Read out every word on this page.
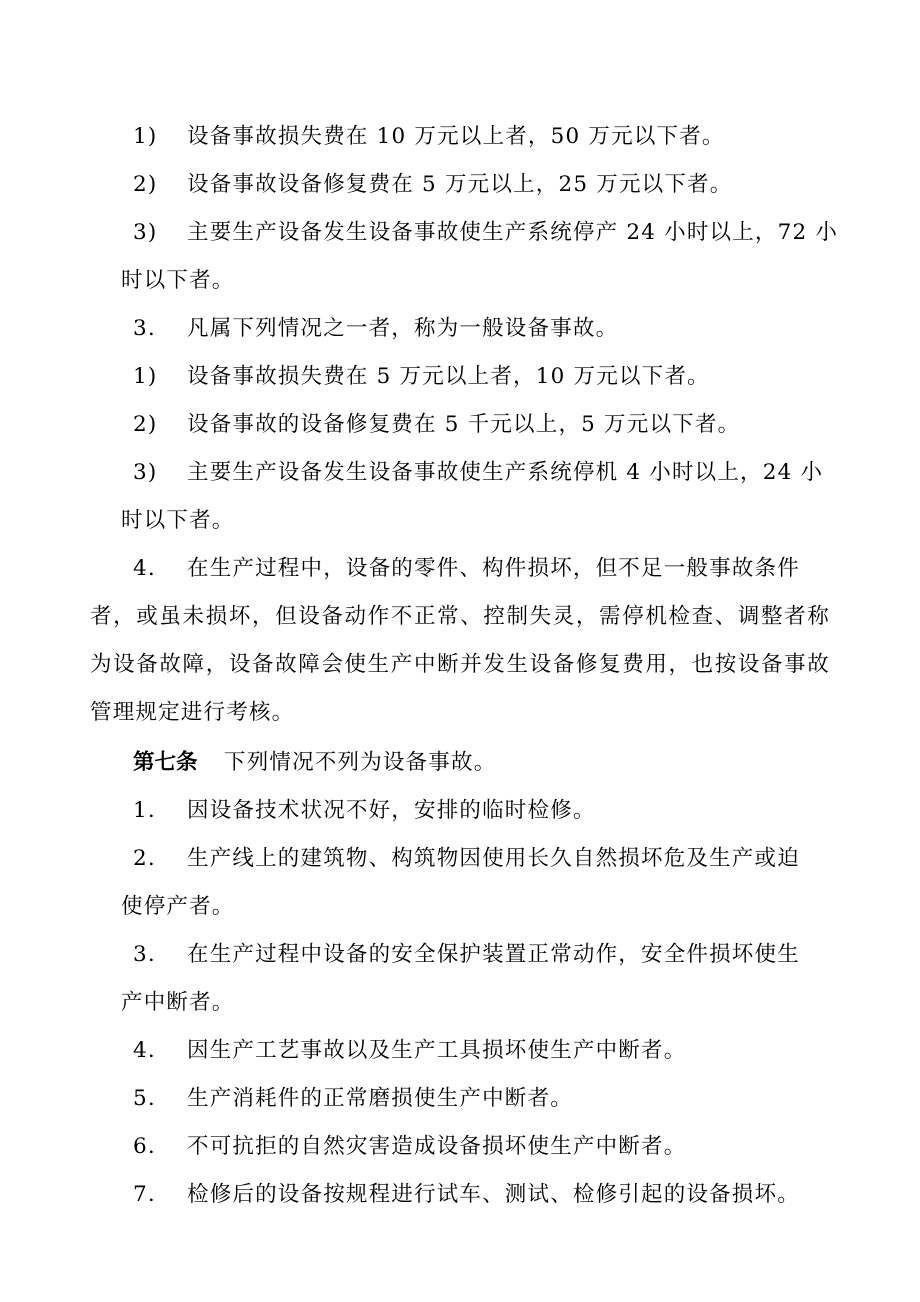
1) 设备事故损失费在 10 万元以上者，50 万元以下者。
2) 设备事故设备修复费在 5 万元以上，25 万元以下者。
3) 主要生产设备发生设备事故使生产系统停产 24 小时以上，72 小
时以下者。
3. 凡属下列情况之一者，称为一般设备事故。
1) 设备事故损失费在 5 万元以上者，10 万元以下者。
2) 设备事故的设备修复费在 5 千元以上，5 万元以下者。
3) 主要生产设备发生设备事故使生产系统停机 4 小时以上，24 小
时以下者。
4. 在生产过程中，设备的零件、构件损坏，但不足一般事故条件
者，或虽未损坏，但设备动作不正常、控制失灵，需停机检查、调整者称
为设备故障，设备故障会使生产中断并发生设备修复费用，也按设备事故
管理规定进行考核。
第七条 下列情况不列为设备事故。
1. 因设备技术状况不好，安排的临时检修。
2. 生产线上的建筑物、构筑物因使用长久自然损坏危及生产或迫
使停产者。
3. 在生产过程中设备的安全保护装置正常动作，安全件损坏使生
产中断者。
4. 因生产工艺事故以及生产工具损坏使生产中断者。
5. 生产消耗件的正常磨损使生产中断者。
6. 不可抗拒的自然灾害造成设备损坏使生产中断者。
7. 检修后的设备按规程进行试车、测试、检修引起的设备损坏。
